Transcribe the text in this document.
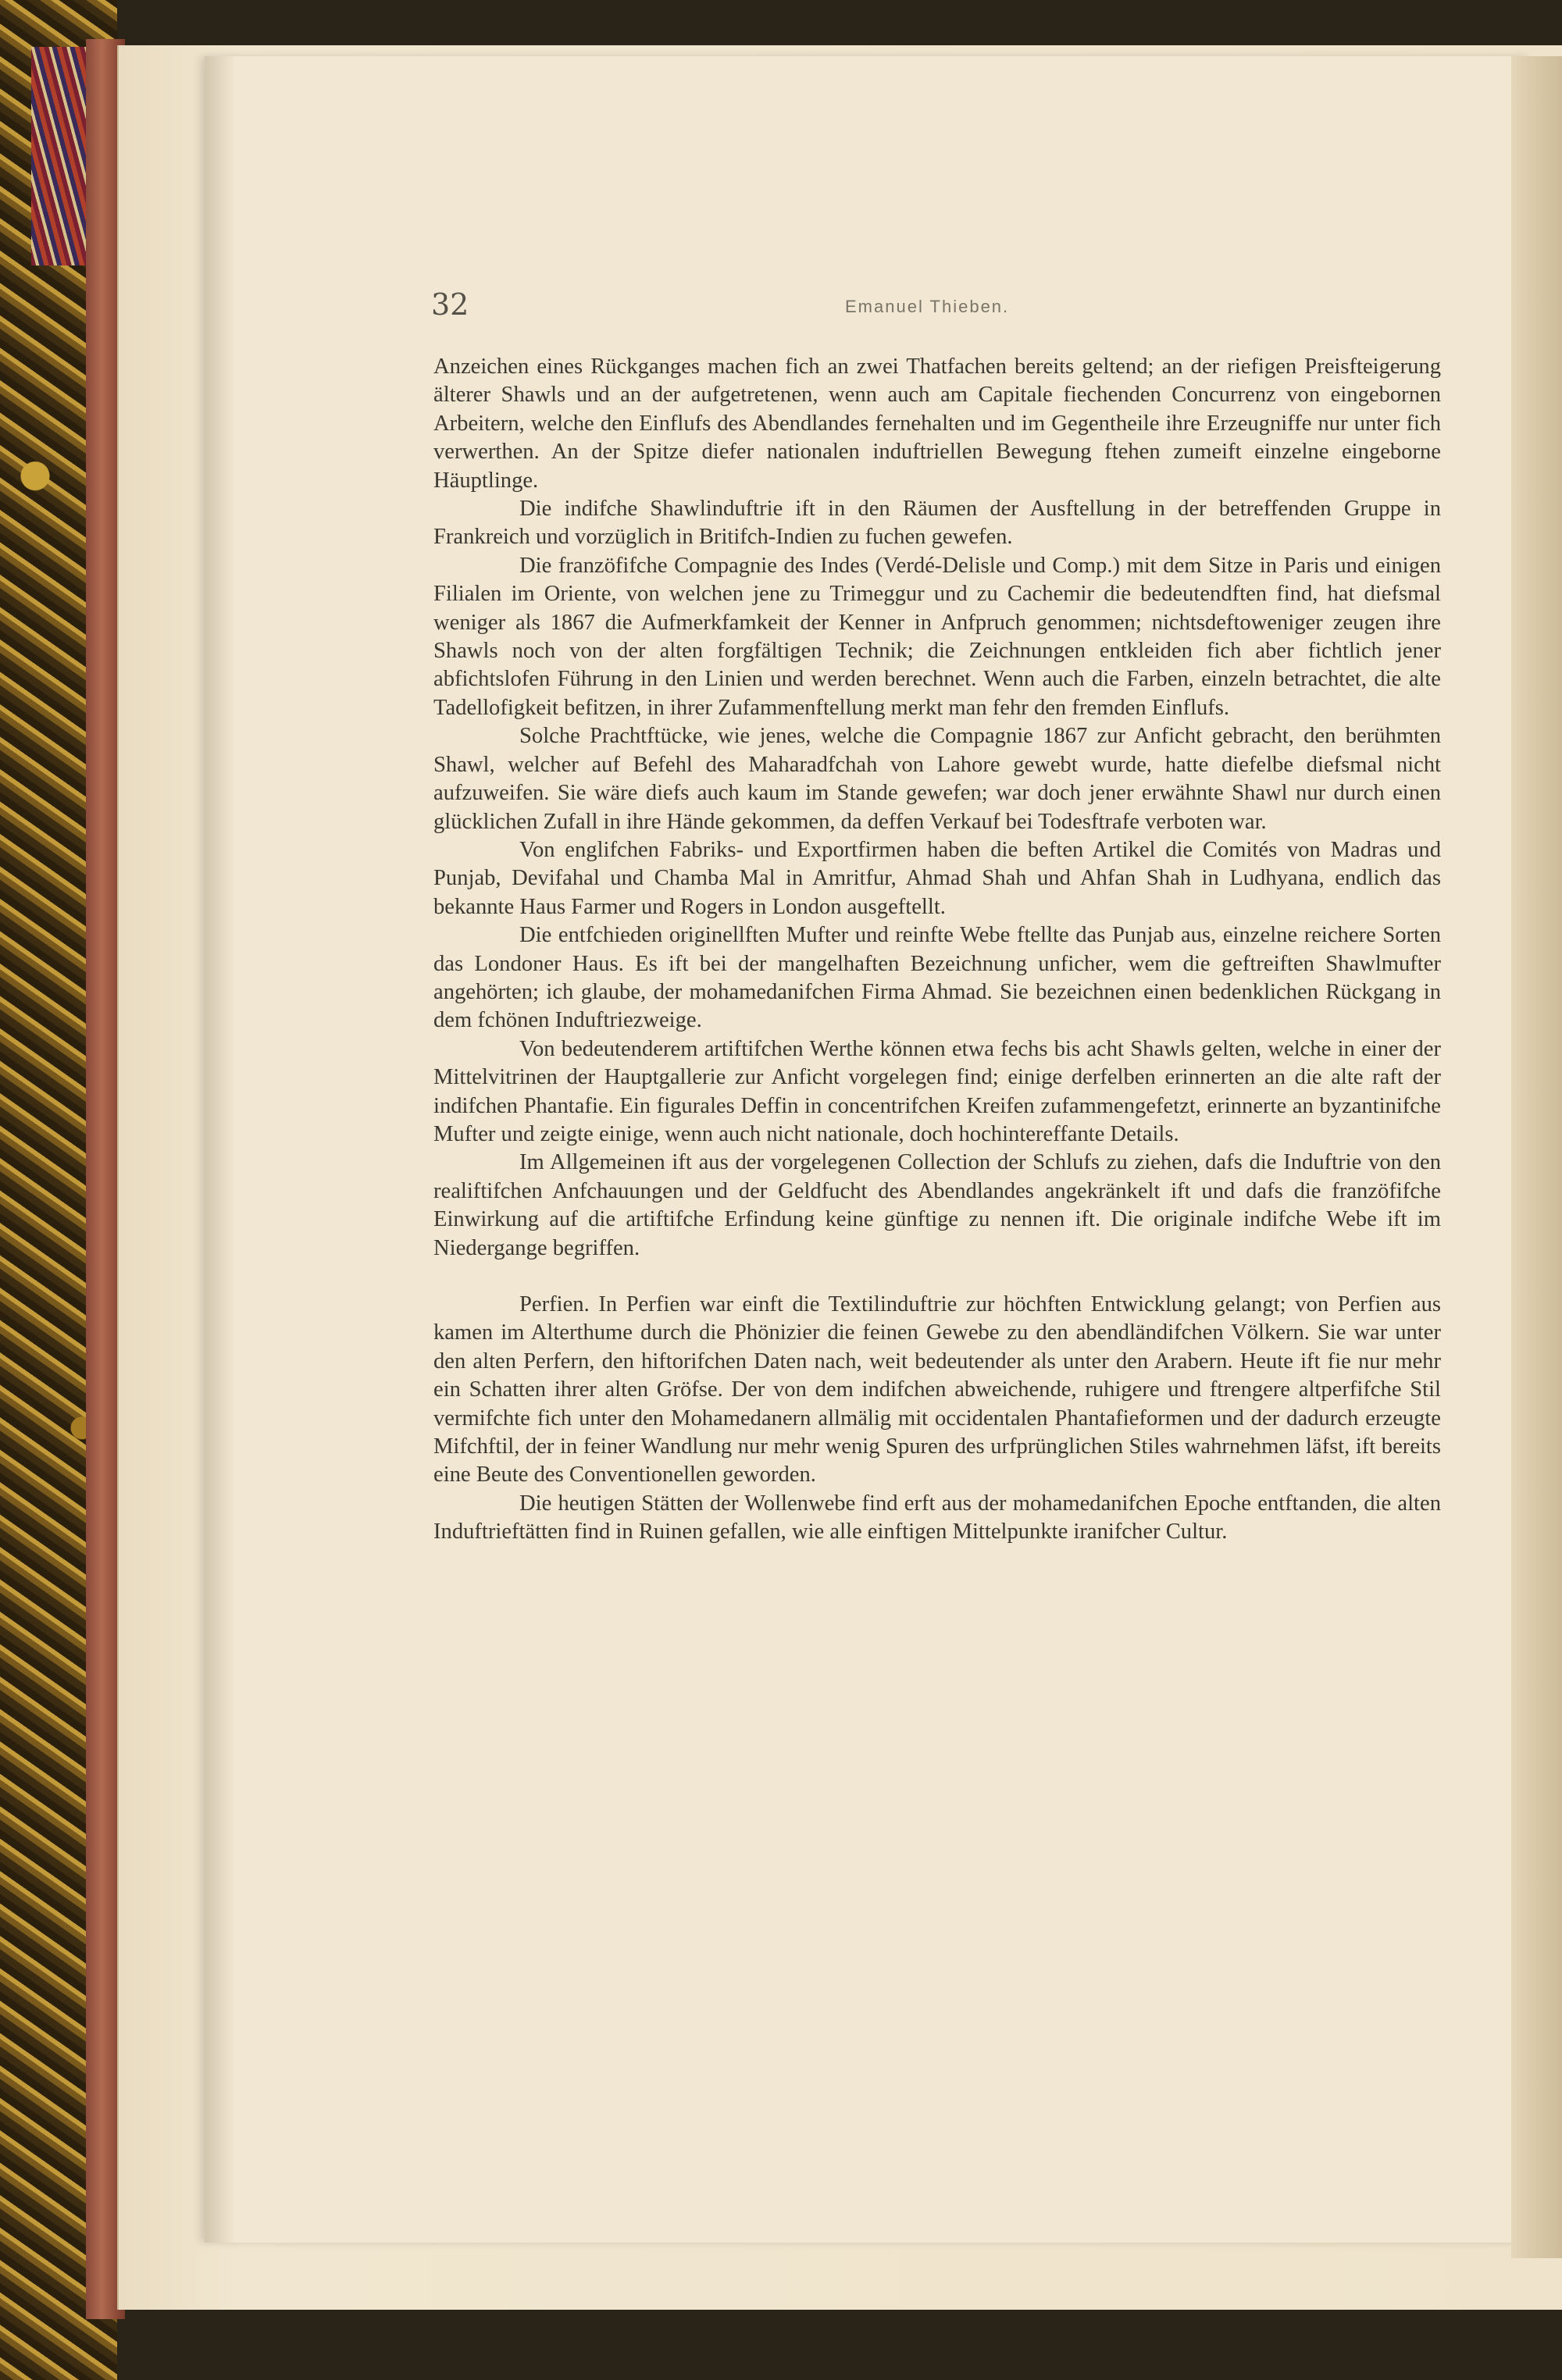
32	Emanuel Thieben.

Anzeichen eines Rückganges machen fich an zwei Thatfachen bereits geltend; an der riefigen Preisfteigerung älterer Shawls und an der aufgetretenen, wenn auch am Capitale fiechenden Concurrenz von eingebornen Arbeitern, welche den Einflufs des Abendlandes fernehalten und im Gegentheile ihre Erzeugniffe nur unter fich verwerthen. An der Spitze diefer nationalen induftriellen Bewegung ftehen zumeift einzelne eingeborne Häuptlinge.

Die indifche Shawlinduftrie ift in den Räumen der Ausftellung in der betreffenden Gruppe in Frankreich und vorzüglich in Britifch-Indien zu fuchen gewefen.

Die franzöfifche Compagnie des Indes (Verdé-Delisle und Comp.) mit dem Sitze in Paris und einigen Filialen im Oriente, von welchen jene zu Trimeggur und zu Cachemir die bedeutendften find, hat diefsmal weniger als 1867 die Aufmerkfamkeit der Kenner in Anfpruch genommen; nichtsdeftoweniger zeugen ihre Shawls noch von der alten forgfältigen Technik; die Zeichnungen entkleiden fich aber fichtlich jener abfichtslofen Führung in den Linien und werden berechnet. Wenn auch die Farben, einzeln betrachtet, die alte Tadellofigkeit befitzen, in ihrer Zufammenftellung merkt man fehr den fremden Einflufs.

Solche Prachtftücke, wie jenes, welche die Compagnie 1867 zur Anficht gebracht, den berühmten Shawl, welcher auf Befehl des Maharadfchah von Lahore gewebt wurde, hatte diefelbe diefsmal nicht aufzuweifen. Sie wäre diefs auch kaum im Stande gewefen; war doch jener erwähnte Shawl nur durch einen glücklichen Zufall in ihre Hände gekommen, da deffen Verkauf bei Todesftrafe verboten war.

Von englifchen Fabriks- und Exportfirmen haben die beften Artikel die Comités von Madras und Punjab, Devifahal und Chamba Mal in Amritfur, Ahmad Shah und Ahfan Shah in Ludhyana, endlich das bekannte Haus Farmer und Rogers in London ausgeftellt.

Die entfchieden originellften Mufter und reinfte Webe ftellte das Punjab aus, einzelne reichere Sorten das Londoner Haus. Es ift bei der mangelhaften Bezeichnung unficher, wem die geftreiften Shawlmufter angehörten; ich glaube, der mohamedanifchen Firma Ahmad. Sie bezeichnen einen bedenklichen Rückgang in dem fchönen Induftriezweige.

Von bedeutenderem artiftifchen Werthe können etwa fechs bis acht Shawls gelten, welche in einer der Mittelvitrinen der Hauptgallerie zur Anficht vorgelegen find; einige derfelben erinnerten an die alte raft der indifchen Phantafie. Ein figurales Deffin in concentrifchen Kreifen zufammengefetzt, erinnerte an byzantinifche Mufter und zeigte einige, wenn auch nicht nationale, doch hochintereffante Details.

Im Allgemeinen ift aus der vorgelegenen Collection der Schlufs zu ziehen, dafs die Induftrie von den realiftifchen Anfchauungen und der Geldfucht des Abendlandes angekränkelt ift und dafs die franzöfifche Einwirkung auf die artiftifche Erfindung keine günftige zu nennen ift. Die originale indifche Webe ift im Niedergange begriffen.

Perfien. In Perfien war einft die Textilinduftrie zur höchften Entwicklung gelangt; von Perfien aus kamen im Alterthume durch die Phönizier die feinen Gewebe zu den abendländifchen Völkern. Sie war unter den alten Perfern, den hiftorifchen Daten nach, weit bedeutender als unter den Arabern. Heute ift fie nur mehr ein Schatten ihrer alten Gröfse. Der von dem indifchen abweichende, ruhigere und ftrengere altperfifche Stil vermifchte fich unter den Mohamedanern allmälig mit occidentalen Phantafieformen und der dadurch erzeugte Mifchftil, der in feiner Wandlung nur mehr wenig Spuren des urfprünglichen Stiles wahrnehmen läfst, ift bereits eine Beute des Conventionellen geworden.

Die heutigen Stätten der Wollenwebe find erft aus der mohamedanifchen Epoche entftanden, die alten Induftrieftätten find in Ruinen gefallen, wie alle einftigen Mittelpunkte iranifcher Cultur.
